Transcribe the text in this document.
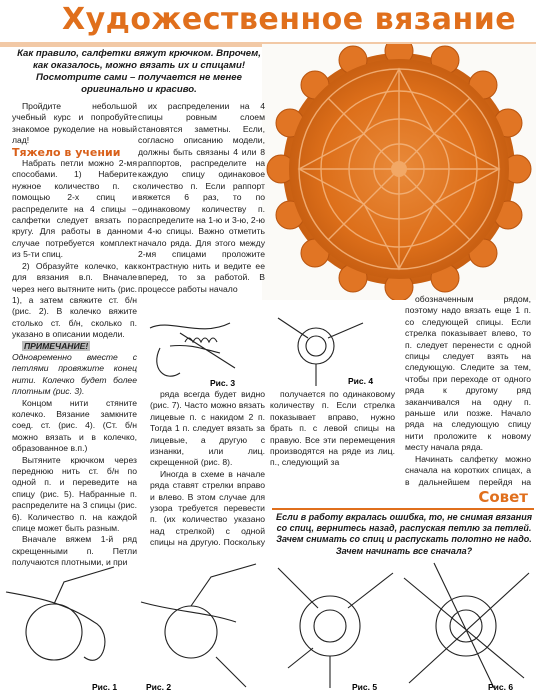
Художественное вязание
Как правило, салфетки вяжут крючком. Впрочем, как оказалось, можно вязать их и спицами! Посмотрите сами – получается не менее оригинально и красиво.

Пройдите небольшой учебный курс и попробуйте знакомое рукоделие на новый лад!

Тяжело в учении

Набрать петли можно 2-мя способами. 1) Наберите нужное количество п. с помощью 2-х спиц и распределите на 4 спицы – салфетки следует вязать по кругу. Для работы в данном случае потребуется комплект из 5-ти спиц.

2) Образуйте колечко, как для вязания в.п. Вначале через него вытяните нить (рис. 1), а затем свяжите ст. б/н (рис. 2). В колечко вяжите столько ст. б/н, сколько п. указано в описании модели.

ПРИМЕЧАНИЕ! Одновременно вместе с петлями провяжите конец нити. Колечко будет более плотным (рис. 3).

Концом нити стяните колечко. Вязание замкните соед. ст. (рис. 4). (Ст. б/н можно вязать и в колечко, образованное в.п.)

Вытяните крючком через переднюю нить ст. б/н по одной п. и переведите на спицу (рис. 5). Набранные п. распределите на 3 спицы (рис. 6). Количество п. на каждой спице может быть разным.

Вначале вяжем 1-й ряд скрещенными п. Петли получаются плотными, и при

их распределении на 4 спицы ровным слоем становятся заметны. Если, согласно описанию модели, должны быть связаны 4 или 8 раппортов, распределите на каждую спицу одинаковое количество п. Если раппорт вяжется 6 раз, то по одинаковому количеству п. распределите на 1-ю и 3-ю, 2-ю и 4-ю спицы. Важно отметить начало ряда. Для этого между 2-мя спицами проложите контрастную нить и ведите ее вперед, то за работой. В процессе работы начало

Рис. 3	Рис. 4

ряда всегда будет видно (рис. 7). Часто можно вязать лицевые п. с накидом 2 п. Тогда 1 п. следует вязать за лицевые, а другую с изнанки, или лиц. скрещенной (рис. 8).

Иногда в схеме в начале ряда ставят стрелки вправо и влево. В этом случае для узора требуется перевести п. (их количество указано над стрелкой) с одной спицы на другую. Поскольку

получается по одинаковому количеству п. Если стрелка показывает вправо, нужно брать п. с левой спицы на правую. Все эти перемещения производятся на ряде из лиц. п., следующий за

обозначенным рядом, поэтому надо вязать еще 1 п. со следующей спицы. Если стрелка показывает влево, то п. следует перенести с одной спицы следует взять на следующую. Следите за тем, чтобы при переходе от одного ряда к другому ряд заканчивался на одну п. раньше или позже. Начало ряда на следующую спицу нити проложите к новому месту начала ряда.

Начинать салфетку можно сначала на коротких спицах, а в дальнейшем перейдя на

Совет
Если в работу вкралась ошибка, то, не снимая вязания со спиц, вернитесь назад, распуская петлю за петлей. Зачем снимать со спиц и распускать полотно не надо. Зачем начинать все сначала?
Рис. 1	Рис. 2	Рис. 5	Рис. 6
